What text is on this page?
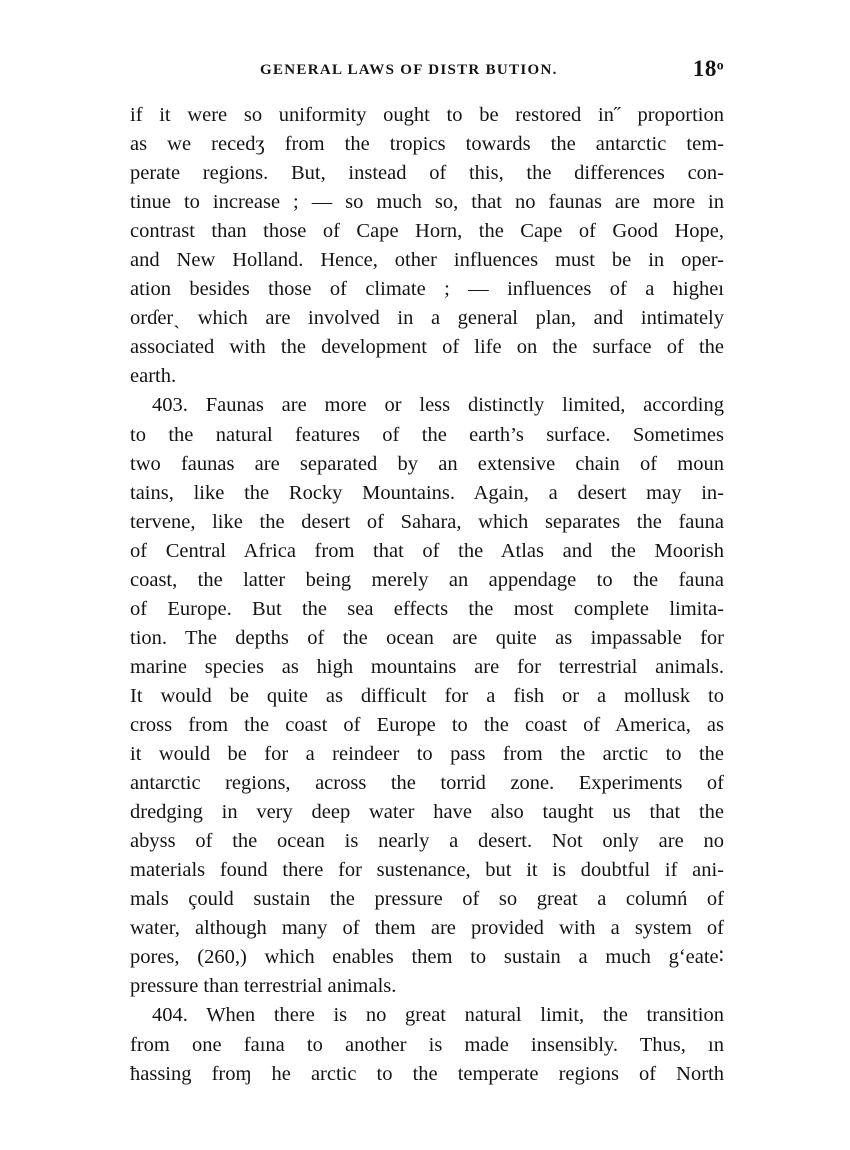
GENERAL LAWS OF DISTR BUTION.	18ᵒ
if it were so uniformity ought to be restored in˝ proportion
as we recedʒ from the tropics towards the antarctic tem-
perate regions. But, instead of this, the differences con-
tinue to increase ; — so much so, that no faunas are more in
contrast than those of Cape Horn, the Cape of Good Hope,
and New Holland. Hence, other influences must be in oper-
ation besides those of climate ; — influences of a higheı
orɗerˏ which are involved in a general plan, and intimately
associated with the development of life on the surface of the
earth.
403. Faunas are more or less distinctly limited, according
to the natural features of the earth’s surface. Sometimes
two faunas are separated by an extensive chain of moun
tains, like the Rocky Mountains. Again, a desert may in-
tervene, like the desert of Sahara, which separates the fauna
of Central Africa from that of the Atlas and the Moorish
coast, the latter being merely an appendage to the fauna
of Europe. But the sea effects the most complete limita-
tion. The depths of the ocean are quite as impassable for
marine species as high mountains are for terrestrial animals.
It would be quite as difficult for a fish or a mollusk to
cross from the coast of Europe to the coast of America, as
it would be for a reindeer to pass from the arctic to the
antarctic regions, across the torrid zone. Experiments of
dredging in very deep water have also taught us that the
abyss of the ocean is nearly a desert. Not only are no
materials found there for sustenance, but it is doubtful if ani-
mals çould sustain the pressure of so great a columń of
water, although many of them are provided with a system of
pores, (260,) which enables them to sustain a much gʻeate∶
pressure than terrestrial animals.
404. When there is no great natural limit, the transition
from one faına to another is made insensibly. Thus, ın
ħassing froɱ he arctic to the temperate regions of North
